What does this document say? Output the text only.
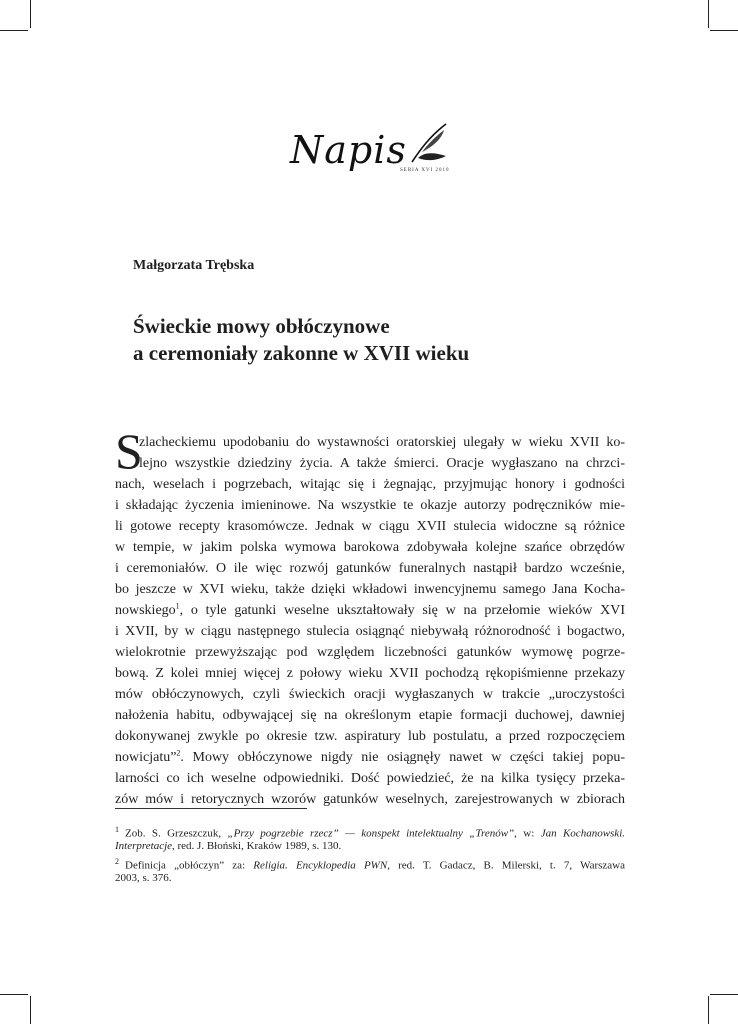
Napis
SERIA XVI 2010
Małgorzata Trębska
Świeckie mowy obłóczynowe
a ceremoniały zakonne w XVII wieku
S
zlacheckiemu upodobaniu do wystawności oratorskiej ulegały w wieku XVII ko-
lejno wszystkie dziedziny życia. A także śmierci. Oracje wygłaszano na chrzci-
nach, weselach i pogrzebach, witając się i żegnając, przyjmując honory i godności
i składając życzenia imieninowe. Na wszystkie te okazje autorzy podręczników mie-
li gotowe recepty krasomówcze. Jednak w ciągu XVII stulecia widoczne są różnice
w tempie, w jakim polska wymowa barokowa zdobywała kolejne szańce obrzędów
i ceremoniałów. O ile więc rozwój gatunków funeralnych nastąpił bardzo wcześnie,
bo jeszcze w XVI wieku, także dzięki wkładowi inwencyjnemu samego Jana Kocha-
nowskiego$^1$, o tyle gatunki weselne ukształtowały się w na przełomie wieków XVI
i XVII, by w ciągu następnego stulecia osiągnąć niebywałą różnorodność i bogactwo,
wielokrotnie przewyższając pod względem liczebności gatunków wymowę pogrze-
bową. Z kolei mniej więcej z połowy wieku XVII pochodzą rękopiśmienne przekazy
mów obłóczynowych, czyli świeckich oracji wygłaszanych w trakcie „uroczystości
nałożenia habitu, odbywającej się na określonym etapie formacji duchowej, dawniej
dokonywanej zwykle po okresie tzw. aspiratury lub postulatu, a przed rozpoczęciem
nowicjatu”$^2$. Mowy obłóczynowe nigdy nie osiągnęły nawet w części takiej popu-
larności co ich weselne odpowiedniki. Dość powiedzieć, że na kilka tysięcy przeka-
zów mów i retorycznych wzorów gatunków weselnych, zarejestrowanych w zbiorach
$^1$ Zob. S. Grzeszczuk, „Przy pogrzebie rzecz” — konspekt intelektualny „Trenów”, w: Jan Kochanowski.
Interpretacje, red. J. Błoński, Kraków 1989, s. 130.
$^2$ Definicja „obłóczyn” za: Religia. Encyklopedia PWN, red. T. Gadacz, B. Milerski, t. 7, Warszawa
2003, s. 376.
